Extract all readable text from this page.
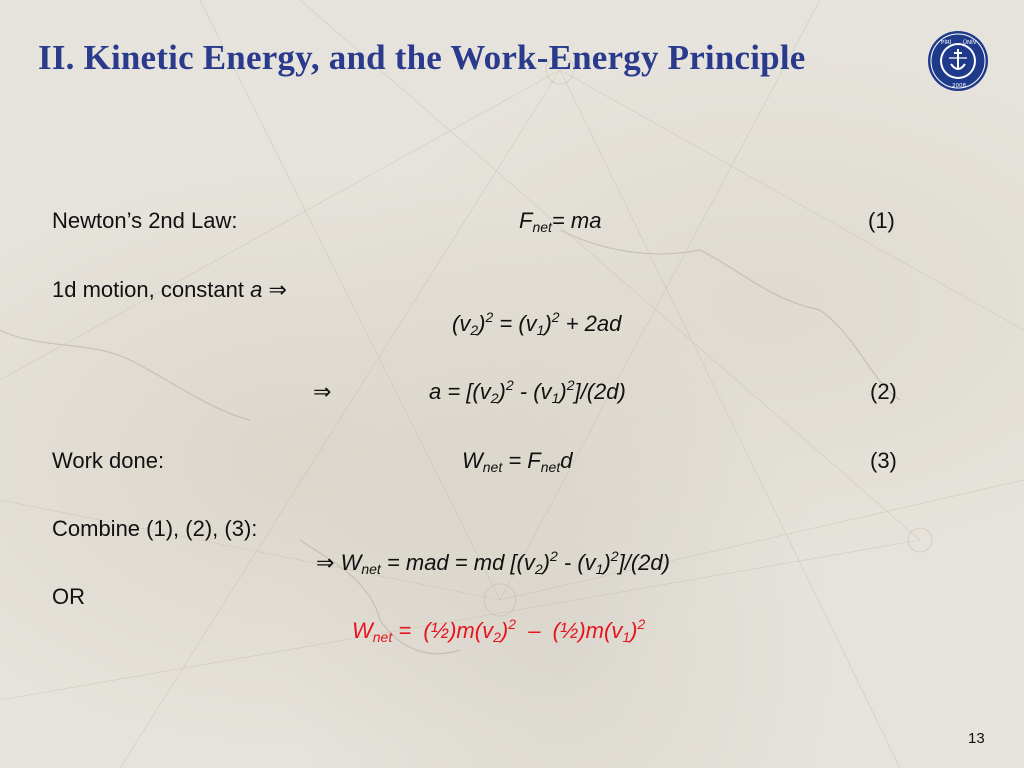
II. Kinetic Energy, and the Work-Energy Principle	PİRİ ÜNİV
2008
Newton’s 2nd Law:	$F_{net}=$ ma	(1)
1d motion, constant a ⇒
$(v_2)^2 = (v_1)^2 + 2ad$
⇒	$a = [(v_2)^2 - (v_1)^2]/(2d)$	(2)
Work done:	$W_{net} = F_{net}d$	(3)
Combine (1), (2), (3):
⇒ $W_{net}$ = mad = md $[(v_2)^2 - (v_1)^2]/(2d)$
OR
$W_{net}$ =  $(\frac{1}{2})m(v_2)^2$  –  $(\frac{1}{2})m(v_1)^2$
13
